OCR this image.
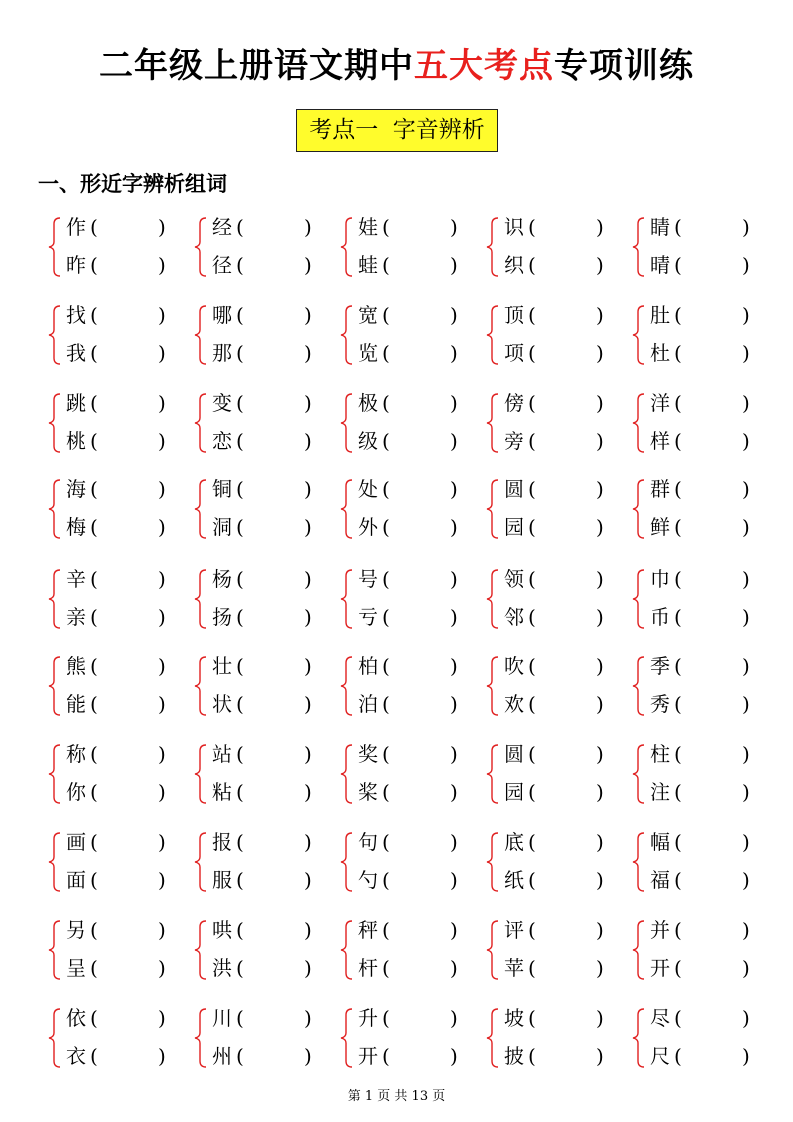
二年级上册语文期中五大考点专项训练
考点一  字音辨析
一、形近字辨析组词
作 (	)
昨 (	)
经 (	)
径 (	)
娃 (	)
蛙 (	)
识 (	)
织 (	)
睛 (	)
晴 (	)
找 (	)
我 (	)
哪 (	)
那 (	)
宽 (	)
览 (	)
顶 (	)
项 (	)
肚 (	)
杜 (	)
跳 (	)
桃 (	)
变 (	)
恋 (	)
极 (	)
级 (	)
傍 (	)
旁 (	)
洋 (	)
样 (	)
海 (	)
梅 (	)
铜 (	)
洞 (	)
处 (	)
外 (	)
圆 (	)
园 (	)
群 (	)
鲜 (	)
辛 (	)
亲 (	)
杨 (	)
扬 (	)
号 (	)
亏 (	)
领 (	)
邻 (	)
巾 (	)
币 (	)
熊 (	)
能 (	)
壮 (	)
状 (	)
柏 (	)
泊 (	)
吹 (	)
欢 (	)
季 (	)
秀 (	)
称 (	)
你 (	)
站 (	)
粘 (	)
奖 (	)
桨 (	)
圆 (	)
园 (	)
柱 (	)
注 (	)
画 (	)
面 (	)
报 (	)
服 (	)
句 (	)
勺 (	)
底 (	)
纸 (	)
幅 (	)
福 (	)
另 (	)
呈 (	)
哄 (	)
洪 (	)
秤 (	)
杆 (	)
评 (	)
苹 (	)
并 (	)
开 (	)
依 (	)
衣 (	)
川 (	)
州 (	)
升 (	)
开 (	)
坡 (	)
披 (	)
尽 (	)
尺 (	)
第 1 页 共 13 页
